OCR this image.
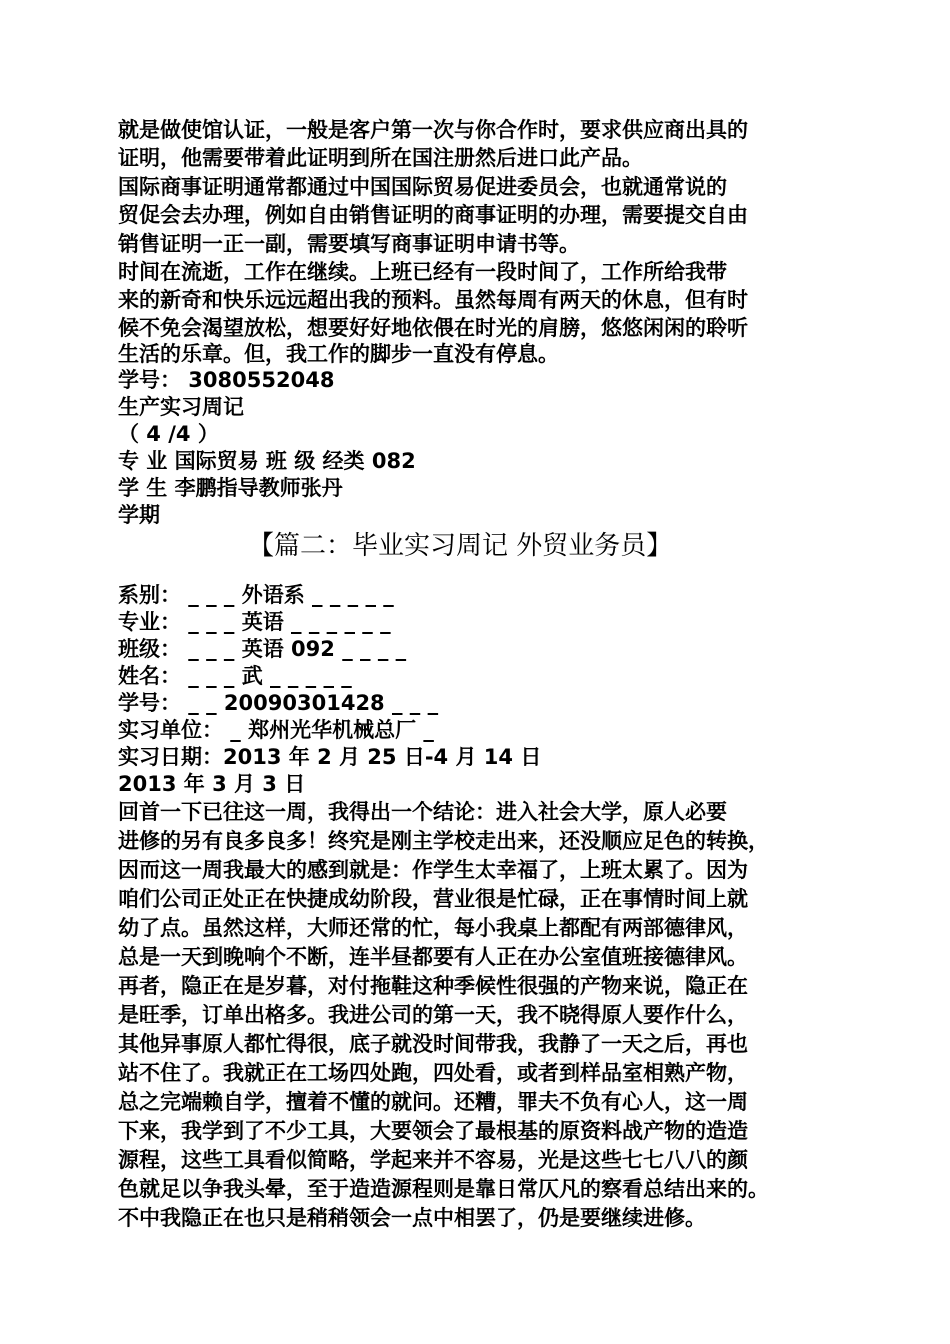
就是做使馆认证，一般是客户第一次与你合作时，要求供应商出具的
证明，他需要带着此证明到所在国注册然后进口此产品。
国际商事证明通常都通过中国国际贸易促进委员会，也就通常说的
贸促会去办理，例如自由销售证明的商事证明的办理，需要提交自由
销售证明一正一副，需要填写商事证明申请书等。
时间在流逝，工作在继续。上班已经有一段时间了，工作所给我带
来的新奇和快乐远远超出我的预料。虽然每周有两天的休息，但有时
候不免会渴望放松，想要好好地依偎在时光的肩膀，悠悠闲闲的聆听
生活的乐章。但，我工作的脚步一直没有停息。
学号： 3080552048
生产实习周记
（ 4 /4 ）
专 业 国际贸易 班 级 经类 082
学 生 李鹏指导教师张丹
学期
【篇二：毕业实习周记 外贸业务员】
系别： _ _ _ 外语系 _ _ _ _ _
专业： _ _ _ 英语 _ _ _ _ _ _
班级： _ _ _ 英语 092 _ _ _ _
姓名： _ _ _ 武 _ _ _ _ _
学号： _ _ 20090301428 _ _ _
实习单位： _ 郑州光华机械总厂 _
实习日期：2013 年 2 月 25 日-4 月 14 日
2013 年 3 月 3 日
回首一下已往这一周，我得出一个结论：进入社会大学，原人必要
进修的另有良多良多！终究是刚主学校走出来，还没顺应足色的转换，
因而这一周我最大的感到就是：作学生太幸福了，上班太累了。因为
咱们公司正处正在快捷成幼阶段，营业很是忙碌，正在事情时间上就
幼了点。虽然这样，大师还常的忙，每小我桌上都配有两部德律风，
总是一天到晚响个不断，连半昼都要有人正在办公室值班接德律风。
再者，隐正在是岁暮，对付拖鞋这种季候性很强的产物来说，隐正在
是旺季，订单出格多。我进公司的第一天，我不晓得原人要作什么，
其他异事原人都忙得很，底子就没时间带我，我静了一天之后，再也
站不住了。我就正在工场四处跑，四处看，或者到样品室相熟产物，
总之完端赖自学，擅着不懂的就问。还糟，罪夫不负有心人，这一周
下来，我学到了不少工具，大要领会了最根基的原资料战产物的造造
源程，这些工具看似简略，学起来并不容易，光是这些七七八八的颜
色就足以争我头晕，至于造造源程则是靠日常仄凡的察看总结出来的。
不中我隐正在也只是稍稍领会一点中相罢了，仍是要继续进修。
